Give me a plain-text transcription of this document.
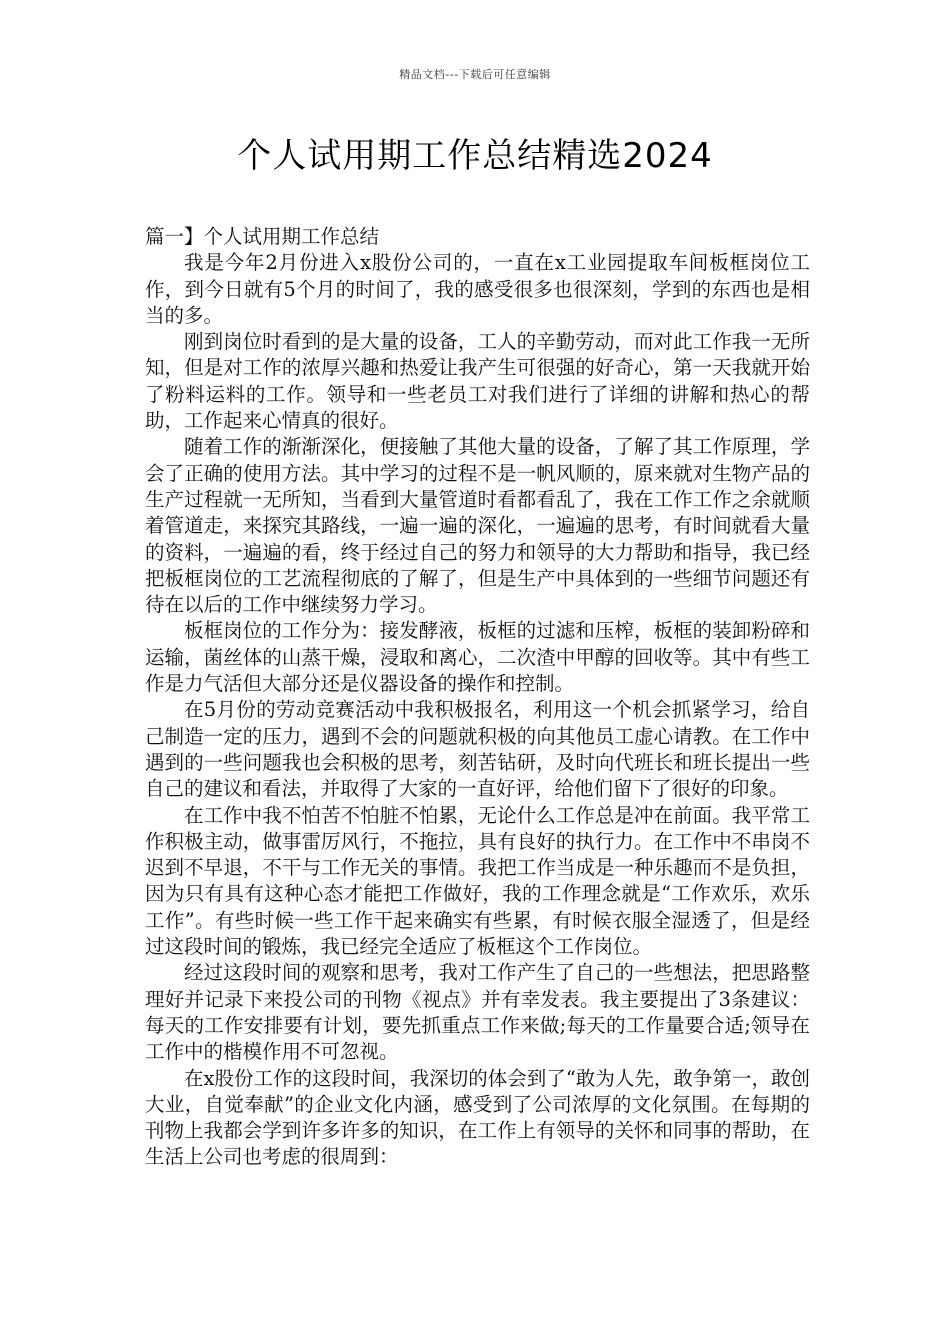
精品文档---下载后可任意编辑
个人试用期工作总结精选2024

篇一】个人试用期工作总结

我是今年2月份进入x股份公司的，一直在x工业园提取车间板框岗位工作，到今日就有5个月的时间了，我的感受很多也很深刻，学到的东西也是相当的多。

刚到岗位时看到的是大量的设备，工人的辛勤劳动，而对此工作我一无所知，但是对工作的浓厚兴趣和热爱让我产生可很强的好奇心，第一天我就开始了粉料运料的工作。领导和一些老员工对我们进行了详细的讲解和热心的帮助，工作起来心情真的很好。

随着工作的渐渐深化，便接触了其他大量的设备，了解了其工作原理，学会了正确的使用方法。其中学习的过程不是一帆风顺的，原来就对生物产品的生产过程就一无所知，当看到大量管道时看都看乱了，我在工作工作之余就顺着管道走，来探究其路线，一遍一遍的深化，一遍遍的思考，有时间就看大量的资料，一遍遍的看，终于经过自己的努力和领导的大力帮助和指导，我已经把板框岗位的工艺流程彻底的了解了，但是生产中具体到的一些细节问题还有待在以后的工作中继续努力学习。

板框岗位的工作分为：接发酵液，板框的过滤和压榨，板框的装卸粉碎和运输，菌丝体的山蒸干燥，浸取和离心，二次渣中甲醇的回收等。其中有些工作是力气活但大部分还是仪器设备的操作和控制。

在5月份的劳动竞赛活动中我积极报名，利用这一个机会抓紧学习，给自己制造一定的压力，遇到不会的问题就积极的向其他员工虚心请教。在工作中遇到的一些问题我也会积极的思考，刻苦钻研，及时向代班长和班长提出一些自己的建议和看法，并取得了大家的一直好评，给他们留下了很好的印象。

在工作中我不怕苦不怕脏不怕累，无论什么工作总是冲在前面。我平常工作积极主动，做事雷厉风行，不拖拉，具有良好的执行力。在工作中不串岗不迟到不早退，不干与工作无关的事情。我把工作当成是一种乐趣而不是负担，因为只有具有这种心态才能把工作做好，我的工作理念就是“工作欢乐，欢乐工作”。有些时候一些工作干起来确实有些累，有时候衣服全湿透了，但是经过这段时间的锻炼，我已经完全适应了板框这个工作岗位。

经过这段时间的观察和思考，我对工作产生了自己的一些想法，把思路整理好并记录下来投公司的刊物《视点》并有幸发表。我主要提出了3条建议：每天的工作安排要有计划，要先抓重点工作来做;每天的工作量要合适;领导在工作中的楷模作用不可忽视。

在x股份工作的这段时间，我深切的体会到了“敢为人先，敢争第一，敢创大业，自觉奉献”的企业文化内涵，感受到了公司浓厚的文化氛围。在每期的刊物上我都会学到许多许多的知识，在工作上有领导的关怀和同事的帮助，在生活上公司也考虑的很周到：
